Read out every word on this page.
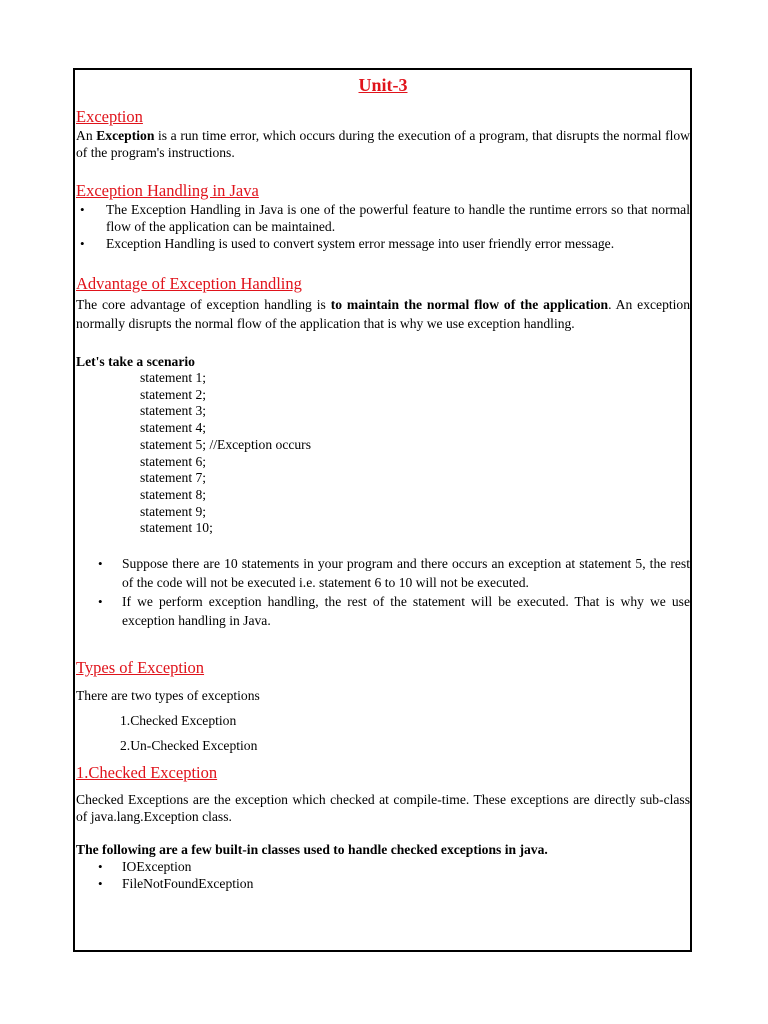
Unit-3
Exception

An Exception is a run time error, which occurs during the execution of a program, that disrupts the normal flow of the program's instructions.

Exception Handling in Java
• The Exception Handling in Java is one of the powerful feature to handle the runtime errors so that normal flow of the application can be maintained.
• Exception Handling is used to convert system error message into user friendly error message.
Advantage of Exception Handling

The core advantage of exception handling is to maintain the normal flow of the application. An exception normally disrupts the normal flow of the application that is why we use exception handling.

Let's take a scenario

statement 1;
statement 2;
statement 3;
statement 4;
statement 5; //Exception occurs
statement 6;
statement 7;
statement 8;
statement 9;
statement 10;
• Suppose there are 10 statements in your program and there occurs an exception at statement 5, the rest of the code will not be executed i.e. statement 6 to 10 will not be executed.
• If we perform exception handling, the rest of the statement will be executed. That is why we use exception handling in Java.
Types of Exception

There are two types of exceptions

1.Checked Exception

2.Un-Checked Exception

1.Checked Exception

Checked Exceptions are the exception which checked at compile-time. These exceptions are directly sub-class of java.lang.Exception class.

The following are a few built-in classes used to handle checked exceptions in java.

• IOException
• FileNotFoundException
